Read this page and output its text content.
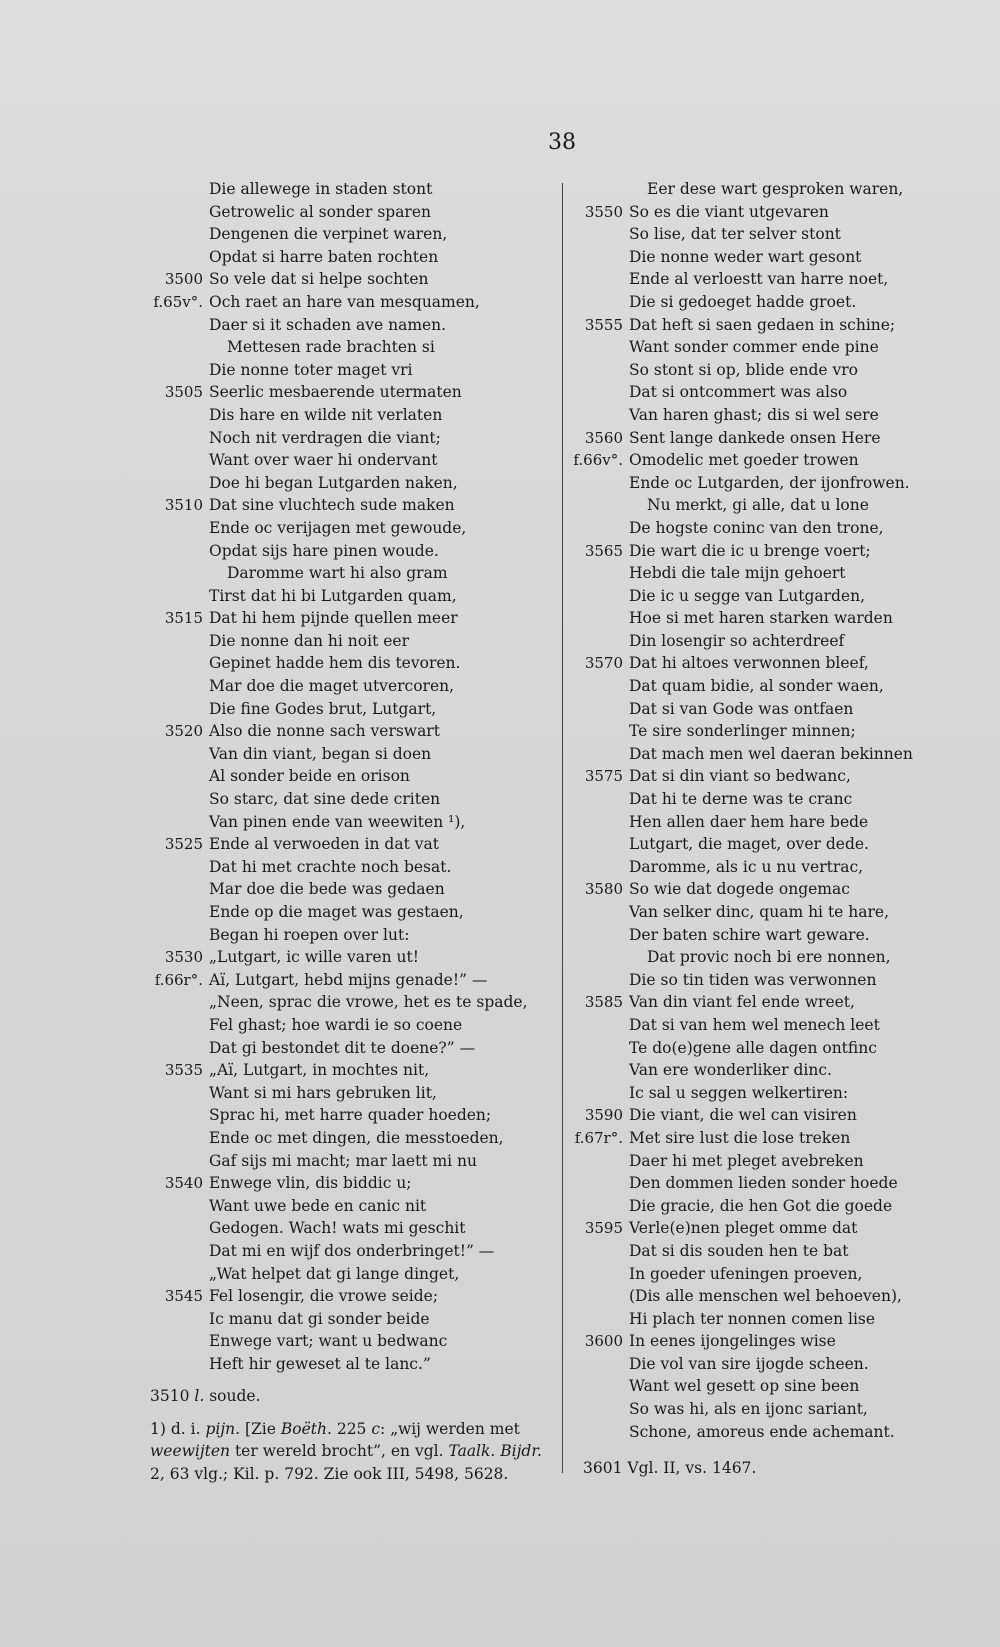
38
Die allewege in staden stont
Getrowelic al sonder sparen
Dengenen die verpinet waren,
Opdat si harre baten rochten
3500 So vele dat si helpe sochten
f.65v°. Och raet an hare van mesquamen,
Daer si it schaden ave namen.
Mettesen rade brachten si
Die nonne toter maget vri
3505 Seerlic mesbaerende utermaten
Dis hare en wilde nit verlaten
Noch nit verdragen die viant;
Want over waer hi ondervant
Doe hi began Lutgarden naken,
3510 Dat sine vluchtech sude maken
Ende oc verijagen met gewoude,
Opdat sijs hare pinen woude.
Daromme wart hi also gram
Tirst dat hi bi Lutgarden quam,
3515 Dat hi hem pijnde quellen meer
Die nonne dan hi noit eer
Gepinet hadde hem dis tevoren.
Mar doe die maget utvercoren,
Die fine Godes brut, Lutgart,
3520 Also die nonne sach verswart
Van din viant, began si doen
Al sonder beide en orison
So starc, dat sine dede criten
Van pinen ende van weewiten ¹),
3525 Ende al verwoeden in dat vat
Dat hi met crachte noch besat.
Mar doe die bede was gedaen
Ende op die maget was gestaen,
Began hi roepen over lut:
3530 „Lutgart, ic wille varen ut!
f.66r°. Aï, Lutgart, hebd mijns genade!” —
„Neen, sprac die vrowe, het es te spade,
Fel ghast; hoe wardi ie so coene
Dat gi bestondet dit te doene?” —
3535 „Aï, Lutgart, in mochtes nit,
Want si mi hars gebruken lit,
Sprac hi, met harre quader hoeden;
Ende oc met dingen, die messtoeden,
Gaf sijs mi macht; mar laett mi nu
3540 Enwege vlin, dis biddic u;
Want uwe bede en canic nit
Gedogen. Wach! wats mi geschit
Dat mi en wijf dos onderbringet!” —
„Wat helpet dat gi lange dinget,
3545 Fel losengir, die vrowe seide;
Ic manu dat gi sonder beide
Enwege vart; want u bedwanc
Heft hir geweset al te lanc.”
Eer dese wart gesproken waren,
3550 So es die viant utgevaren
So lise, dat ter selver stont
Die nonne weder wart gesont
Ende al verloestt van harre noet,
Die si gedoeget hadde groet.
3555 Dat heft si saen gedaen in schine;
Want sonder commer ende pine
So stont si op, blide ende vro
Dat si ontcommert was also
Van haren ghast; dis si wel sere
3560 Sent lange dankede onsen Here
f.66v°. Omodelic met goeder trowen
Ende oc Lutgarden, der ijonfrowen.
Nu merkt, gi alle, dat u lone
De hogste coninc van den trone,
3565 Die wart die ic u brenge voert;
Hebdi die tale mijn gehoert
Die ic u segge van Lutgarden,
Hoe si met haren starken warden
Din losengir so achterdreef
3570 Dat hi altoes verwonnen bleef,
Dat quam bidie, al sonder waen,
Dat si van Gode was ontfaen
Te sire sonderlinger minnen;
Dat mach men wel daeran bekinnen
3575 Dat si din viant so bedwanc,
Dat hi te derne was te cranc
Hen allen daer hem hare bede
Lutgart, die maget, over dede.
Daromme, als ic u nu vertrac,
3580 So wie dat dogede ongemac
Van selker dinc, quam hi te hare,
Der baten schire wart geware.
Dat provic noch bi ere nonnen,
Die so tin tiden was verwonnen
3585 Van din viant fel ende wreet,
Dat si van hem wel menech leet
Te do(e)gene alle dagen ontfinc
Van ere wonderliker dinc.
Ic sal u seggen welkertiren:
3590 Die viant, die wel can visiren
f.67r°. Met sire lust die lose treken
Daer hi met pleget avebreken
Den dommen lieden sonder hoede
Die gracie, die hen Got die goede
3595 Verle(e)nen pleget omme dat
Dat si dis souden hen te bat
In goeder ufeningen proeven,
(Dis alle menschen wel behoeven),
Hi plach ter nonnen comen lise
3600 In eenes ijongelinges wise
Die vol van sire ijogde scheen.
Want wel gesett op sine been
So was hi, als en ijonc sariant,
Schone, amoreus ende achemant.
3510 l. soude.
1) d. i. pijn. [Zie Boëth. 225 c: „wij werden met
weewijten ter wereld brocht”, en vgl. Taalk. Bijdr.
2, 63 vlg.; Kil. p. 792. Zie ook III, 5498, 5628.	3601 Vgl. II, vs. 1467.
